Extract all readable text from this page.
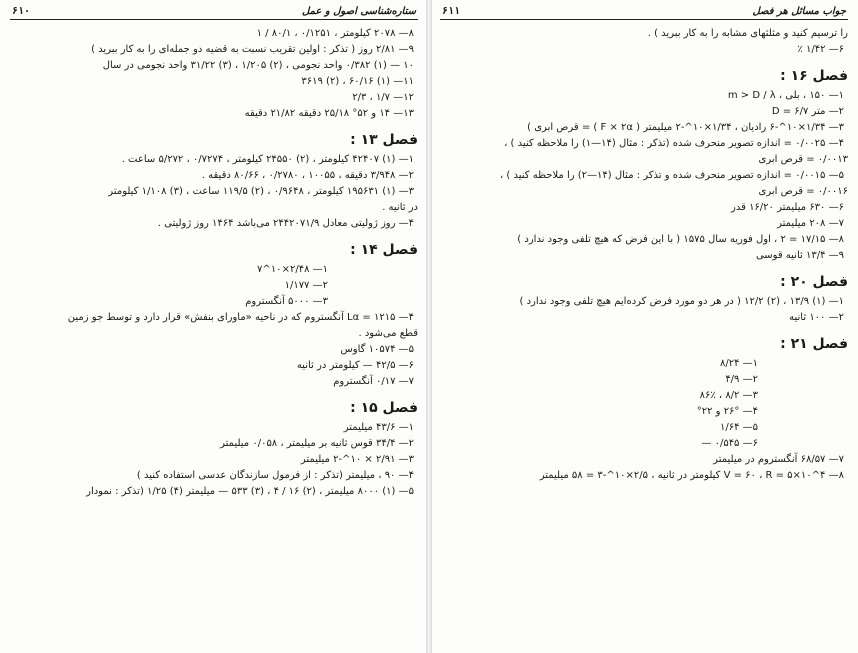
ستاره‌شناسی اصول و عمل
۶۱۰
۸— ۲۰۷۸ کیلومتر ، ۰/۱۲۵۱ ، ۸۰/۱ / ۱
۹— ۲/۸۱ روز ( تذکر : اولین تقریب نسبت به قضیه دو جمله‌ای را به کار ببرید )
۱۰ — (۱) ۰/۳۸۲ واحد نجومی ، (۲) ۱/۲۰۵ ، (۳) ۳۱/۲۲ واحد نجومی در سال
۱۱— (۱) ۶۰/۱۶ ، (۲) ۳۶۱۹
۱۲— ۱/۷ ، ۲/۳
۱۳— ۱۴ و ۵۲° ۲۵/۱۸ دقیقه ۲۱/۸۲ دقیقه
فصل ۱۳ :
۱— (۱) ۴۲۴۰۷ کیلومتر ، (۲) ۲۴۵۵۰ کیلومتر ، ۰/۷۲۷۴ ، ۵/۲۷۲ ساعت .
۲— ۳/۹۴۸ دقیقه ، ۱۰۰۵۵ ، ۰/۲۷۸۰ ، ۸۰/۶۶ دقیقه .
۳— (۱) ۱۹۵۶۳۱ کیلومتر ، ۰/۹۶۴۸ ، (۲) ۱۱۹/۵ ساعت ، (۳) ۱/۱۰۸ کیلومتر
در ثانیه .
۴— روز ژولیتی معادل ۲۴۴۲۰۷۱/۹ می‌باشد ۱۴۶۴ روز ژولیتی .
فصل ۱۴ :
۱— ۲/۴۸×۱۰^۷
۲— ۱/۱۷۷
۳— ۵۰۰۰ آنگستروم
۴— Lα = ۱۲۱۵ آنگستروم که در ناحیه «ماورای بنفش» قرار دارد و توسط جو زمین
قطع می‌شود .
۵— ۱۰۵۷۴ گاوس
۶— ۴۲/۵ — کیلومتر در ثانیه
۷— ۰/۱۷ آنگستروم
فصل ۱۵ :
۱— ۴۳/۶ میلیمتر
۲— ۳۴/۴ قوس ثانیه بر میلیمتر ، ۰/۰۵۸ میلیمتر
۳— ۲/۹۱ × ۱۰^-۲ میلیمتر
۴— ۹۰ ، میلیمتر (تذکر : از فرمول سازندگان عدسی استفاده کنید )
۵— (۱) ۸۰۰۰ میلیمتر ، (۲) ۱۶ / ۴ ، (۳) ۵۳۳ — میلیمتر (۴) ۱/۲۵ (تذکر : نمودار
جواب مسائل هر فصل
۶۱۱
را ترسیم کنید و مثلثهای مشابه را به کار ببرید ) .
۶— ۱/۴۲ ٪
فصل ۱۶ :
۱— ۱۵۰ ، بلی ، m > D / λ
۲— متر D = ۶/۷
۳— ۱/۳۴×۱۰^-۶ رادیان ، ۱/۳۴×۱۰^-۲ میلیمتر ( F × ۲α ) = قرص ابری )
۴— ۰/۰۰۲۵ = اندازه تصویر منحرف شده (تذکر : مثال (۱۴—۱) را ملاحظه کنید ) ،
۰/۰۰۱۳ = قرص ابری
۵— ۰/۰۰۱۵ = اندازه تصویر منحرف شده و تذکر : مثال (۱۴—۲) را ملاحظه کنید ) ،
۰/۰۰۱۶ = قرص ابری
۶— ۶۳۰ میلیمتر ۱۶/۲۰ قدر
۷— ۲۰۸ میلیمتر
۸— ۱۷/۱۵ = ۲ ، اول فوریه سال ۱۵۷۵ ( با این فرض که هیچ تلفی وجود ندارد )
۹— ۱۳/۴ ثانیه قوسی
فصل ۲۰ :
۱— (۱) ۱۳/۹ ، (۲) ۱۲/۲ ( در هر دو مورد فرض کرده‌ایم هیچ تلفی وجود ندارد )
۲— ۱۰۰ ثانیه
فصل ۲۱ :
۱— ۸/۲۴
۲— ۴/۹
۳— ۸/۲ ، ۸۶٪
۴— ۲۶° و ۲۲°
۵— ۱/۶۴
۶— ۰/۵۴۵ —
۷— ۶۸/۵۷ آنگستروم در میلیمتر
۸— V = ۶۰ ، R = ۵×۱۰^۴ کیلومتر در ثانیه ، ۲/۵×۱۰^-۳ = ۵۸ میلیمتر
